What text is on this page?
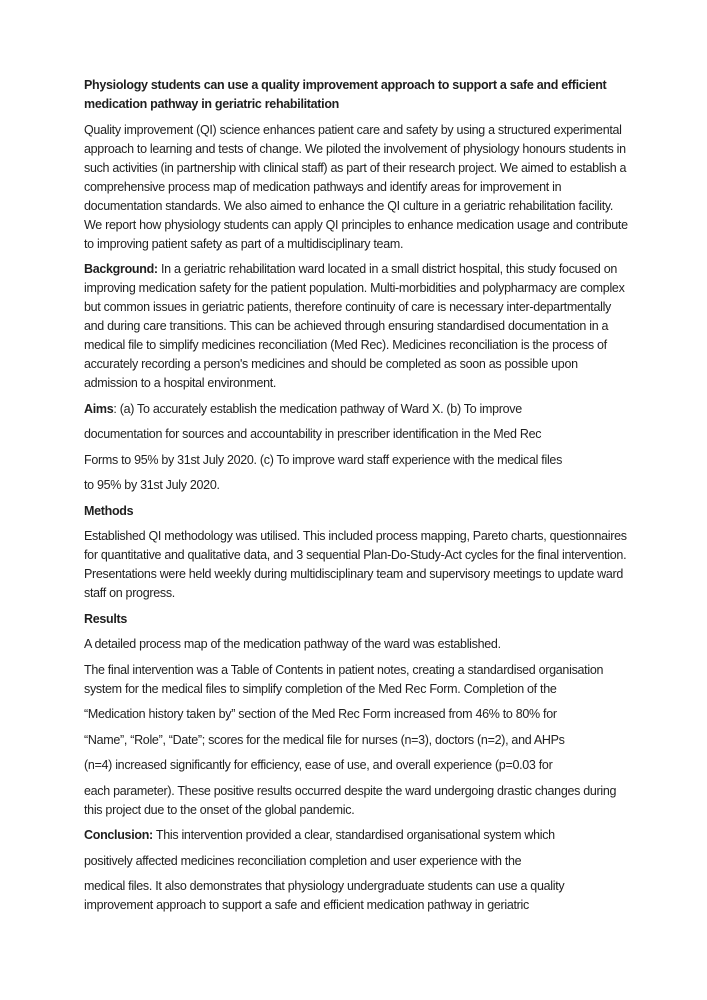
Physiology students can use a quality improvement approach to support a safe and efficient medication pathway in geriatric rehabilitation

Quality improvement (QI) science enhances patient care and safety by using a structured experimental approach to learning and tests of change. We piloted the involvement of physiology honours students in such activities (in partnership with clinical staff) as part of their research project. We aimed to establish a comprehensive process map of medication pathways and identify areas for improvement in documentation standards. We also aimed to enhance the QI culture in a geriatric rehabilitation facility. We report how physiology students can apply QI principles to enhance medication usage and contribute to improving patient safety as part of a multidisciplinary team.

Background: In a geriatric rehabilitation ward located in a small district hospital, this study focused on improving medication safety for the patient population. Multi-morbidities and polypharmacy are complex but common issues in geriatric patients, therefore continuity of care is necessary inter-departmentally and during care transitions. This can be achieved through ensuring standardised documentation in a medical file to simplify medicines reconciliation (Med Rec). Medicines reconciliation is the process of accurately recording a person's medicines and should be completed as soon as possible upon admission to a hospital environment.

Aims: (a) To accurately establish the medication pathway of Ward X. (b) To improve

documentation for sources and accountability in prescriber identification in the Med Rec

Forms to 95% by 31st July 2020. (c) To improve ward staff experience with the medical files

to 95% by 31st July 2020.

Methods

Established QI methodology was utilised. This included process mapping, Pareto charts, questionnaires for quantitative and qualitative data, and 3 sequential Plan-Do-Study-Act cycles for the final intervention. Presentations were held weekly during multidisciplinary team and supervisory meetings to update ward staff on progress.

Results

A detailed process map of the medication pathway of the ward was established.

The final intervention was a Table of Contents in patient notes, creating a standardised organisation system for the medical files to simplify completion of the Med Rec Form. Completion of the

“Medication history taken by” section of the Med Rec Form increased from 46% to 80% for

“Name”, “Role”, “Date”; scores for the medical file for nurses (n=3), doctors (n=2), and AHPs

(n=4) increased significantly for efficiency, ease of use, and overall experience (p=0.03 for

each parameter). These positive results occurred despite the ward undergoing drastic changes during this project due to the onset of the global pandemic.

Conclusion: This intervention provided a clear, standardised organisational system which

positively affected medicines reconciliation completion and user experience with the

medical files. It also demonstrates that physiology undergraduate students can use a quality improvement approach to support a safe and efficient medication pathway in geriatric
